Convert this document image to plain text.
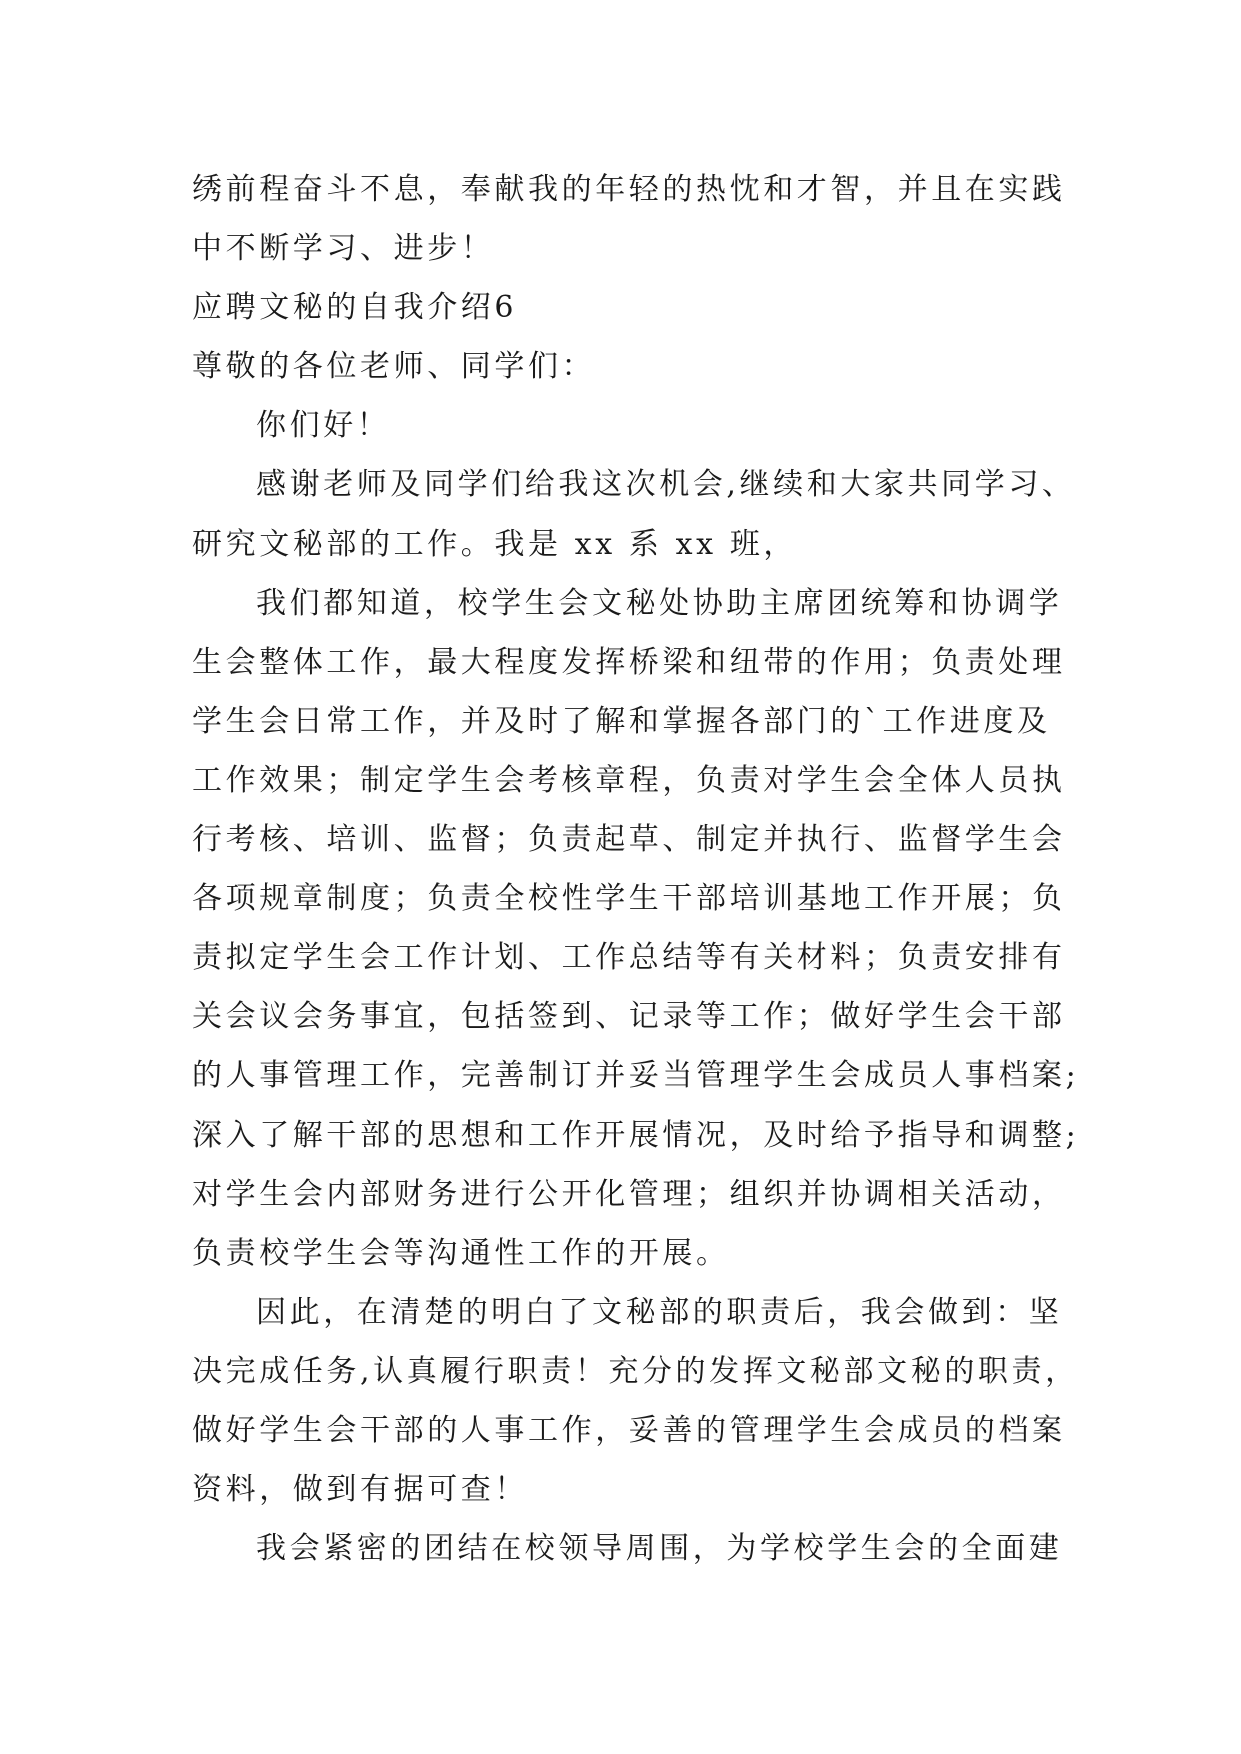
绣前程奋斗不息，奉献我的年轻的热忱和才智，并且在实践
中不断学习、进步！
应聘文秘的自我介绍6
尊敬的各位老师、同学们：
你们好！
感谢老师及同学们给我这次机会,继续和大家共同学习、
研究文秘部的工作。我是 xx 系 xx 班，
我们都知道，校学生会文秘处协助主席团统筹和协调学
生会整体工作，最大程度发挥桥梁和纽带的作用；负责处理
学生会日常工作，并及时了解和掌握各部门的`工作进度及
工作效果；制定学生会考核章程，负责对学生会全体人员执
行考核、培训、监督；负责起草、制定并执行、监督学生会
各项规章制度；负责全校性学生干部培训基地工作开展；负
责拟定学生会工作计划、工作总结等有关材料；负责安排有
关会议会务事宜，包括签到、记录等工作；做好学生会干部
的人事管理工作，完善制订并妥当管理学生会成员人事档案;
深入了解干部的思想和工作开展情况，及时给予指导和调整;
对学生会内部财务进行公开化管理；组织并协调相关活动，
负责校学生会等沟通性工作的开展。
因此，在清楚的明白了文秘部的职责后，我会做到：坚
决完成任务,认真履行职责！充分的发挥文秘部文秘的职责，
做好学生会干部的人事工作，妥善的管理学生会成员的档案
资料，做到有据可查！
我会紧密的团结在校领导周围，为学校学生会的全面建
